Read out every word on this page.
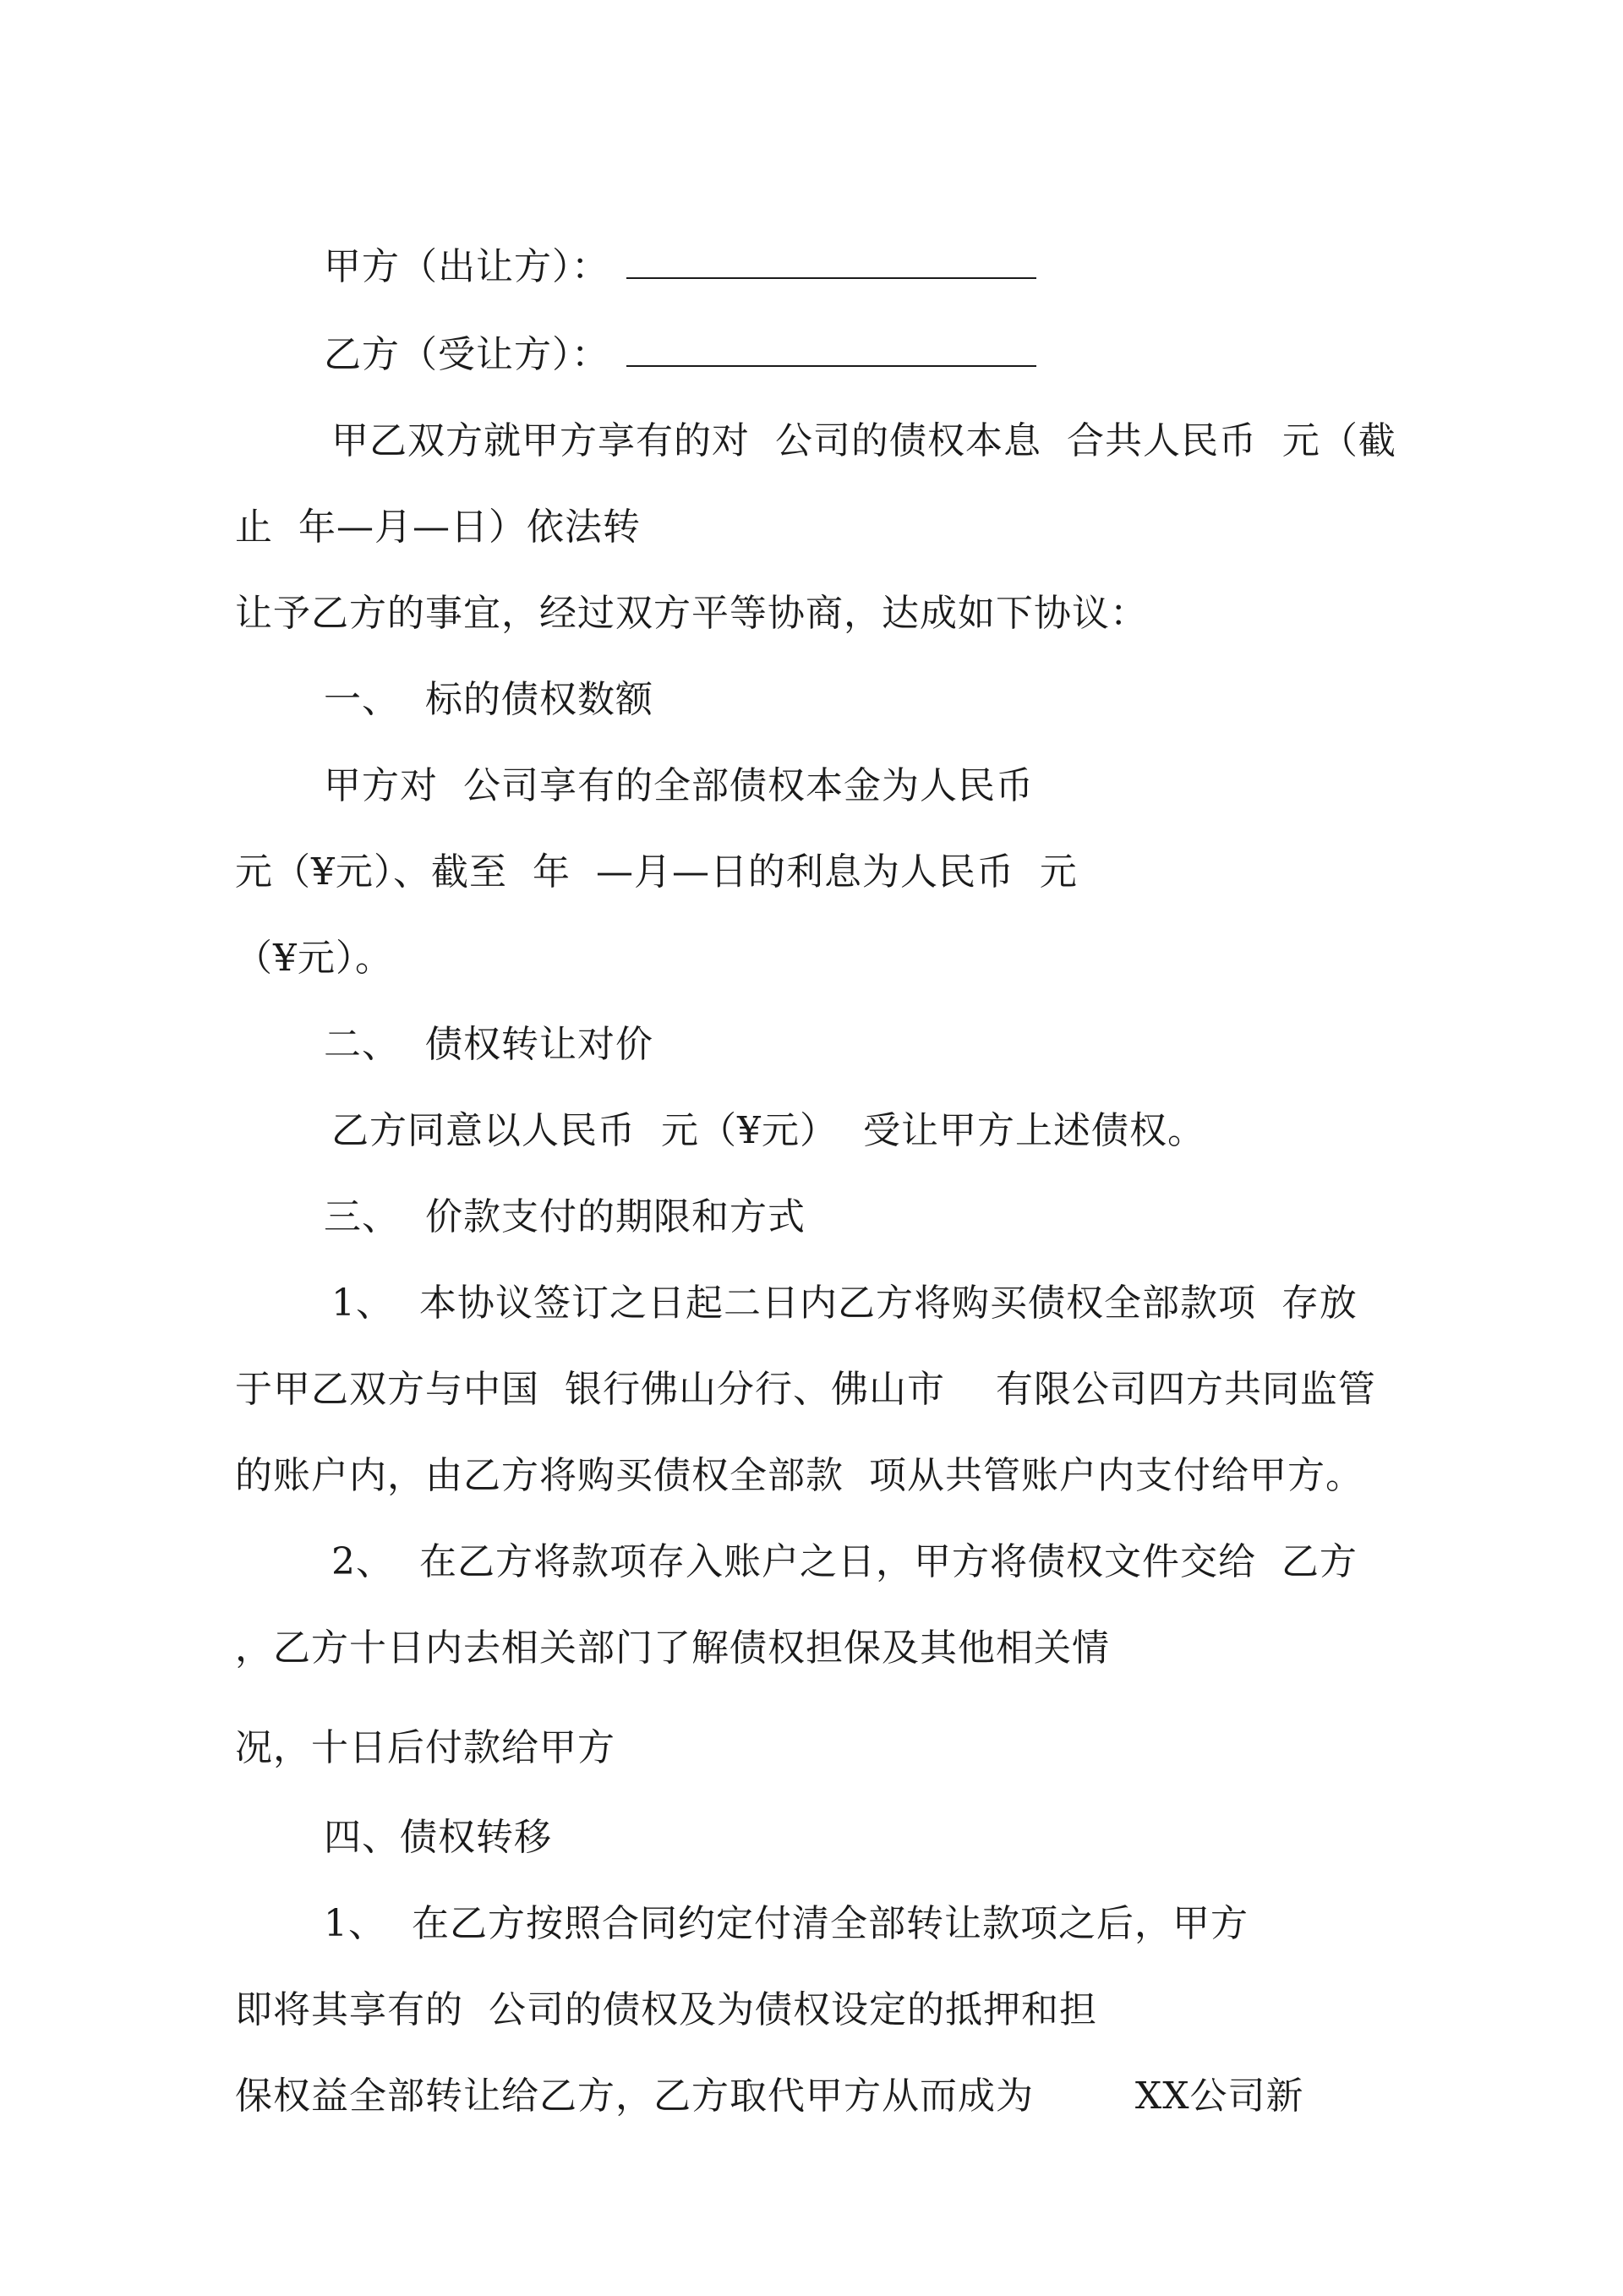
甲方（出让方）：
乙方（受让方）：
甲乙双方就甲方享有的对  公司的债权本息  合共人民币  元（截
止  年—月—日）依法转
让予乙方的事宜，经过双方平等协商，达成如下协议：
一、  标的债权数额
甲方对  公司享有的全部债权本金为人民币
元（¥元）、截至  年  —月—日的利息为人民币  元
（¥元）。
二、  债权转让对价
乙方同意以人民币  元（¥元）  受让甲方上述债权。
三、  价款支付的期限和方式
1、  本协议签订之日起二日内乙方将购买债权全部款项  存放
于甲乙双方与中国  银行佛山分行、佛山市    有限公司四方共同监管
的账户内，由乙方将购买债权全部款  项从共管账户内支付给甲方。
2、  在乙方将款项存入账户之日，甲方将债权文件交给  乙方
，乙方十日内去相关部门了解债权担保及其他相关情
况，十日后付款给甲方
四、债权转移
1、  在乙方按照合同约定付清全部转让款项之后，甲方
即将其享有的  公司的债权及为债权设定的抵押和担
保权益全部转让给乙方，乙方取代甲方从而成为        XX公司新
